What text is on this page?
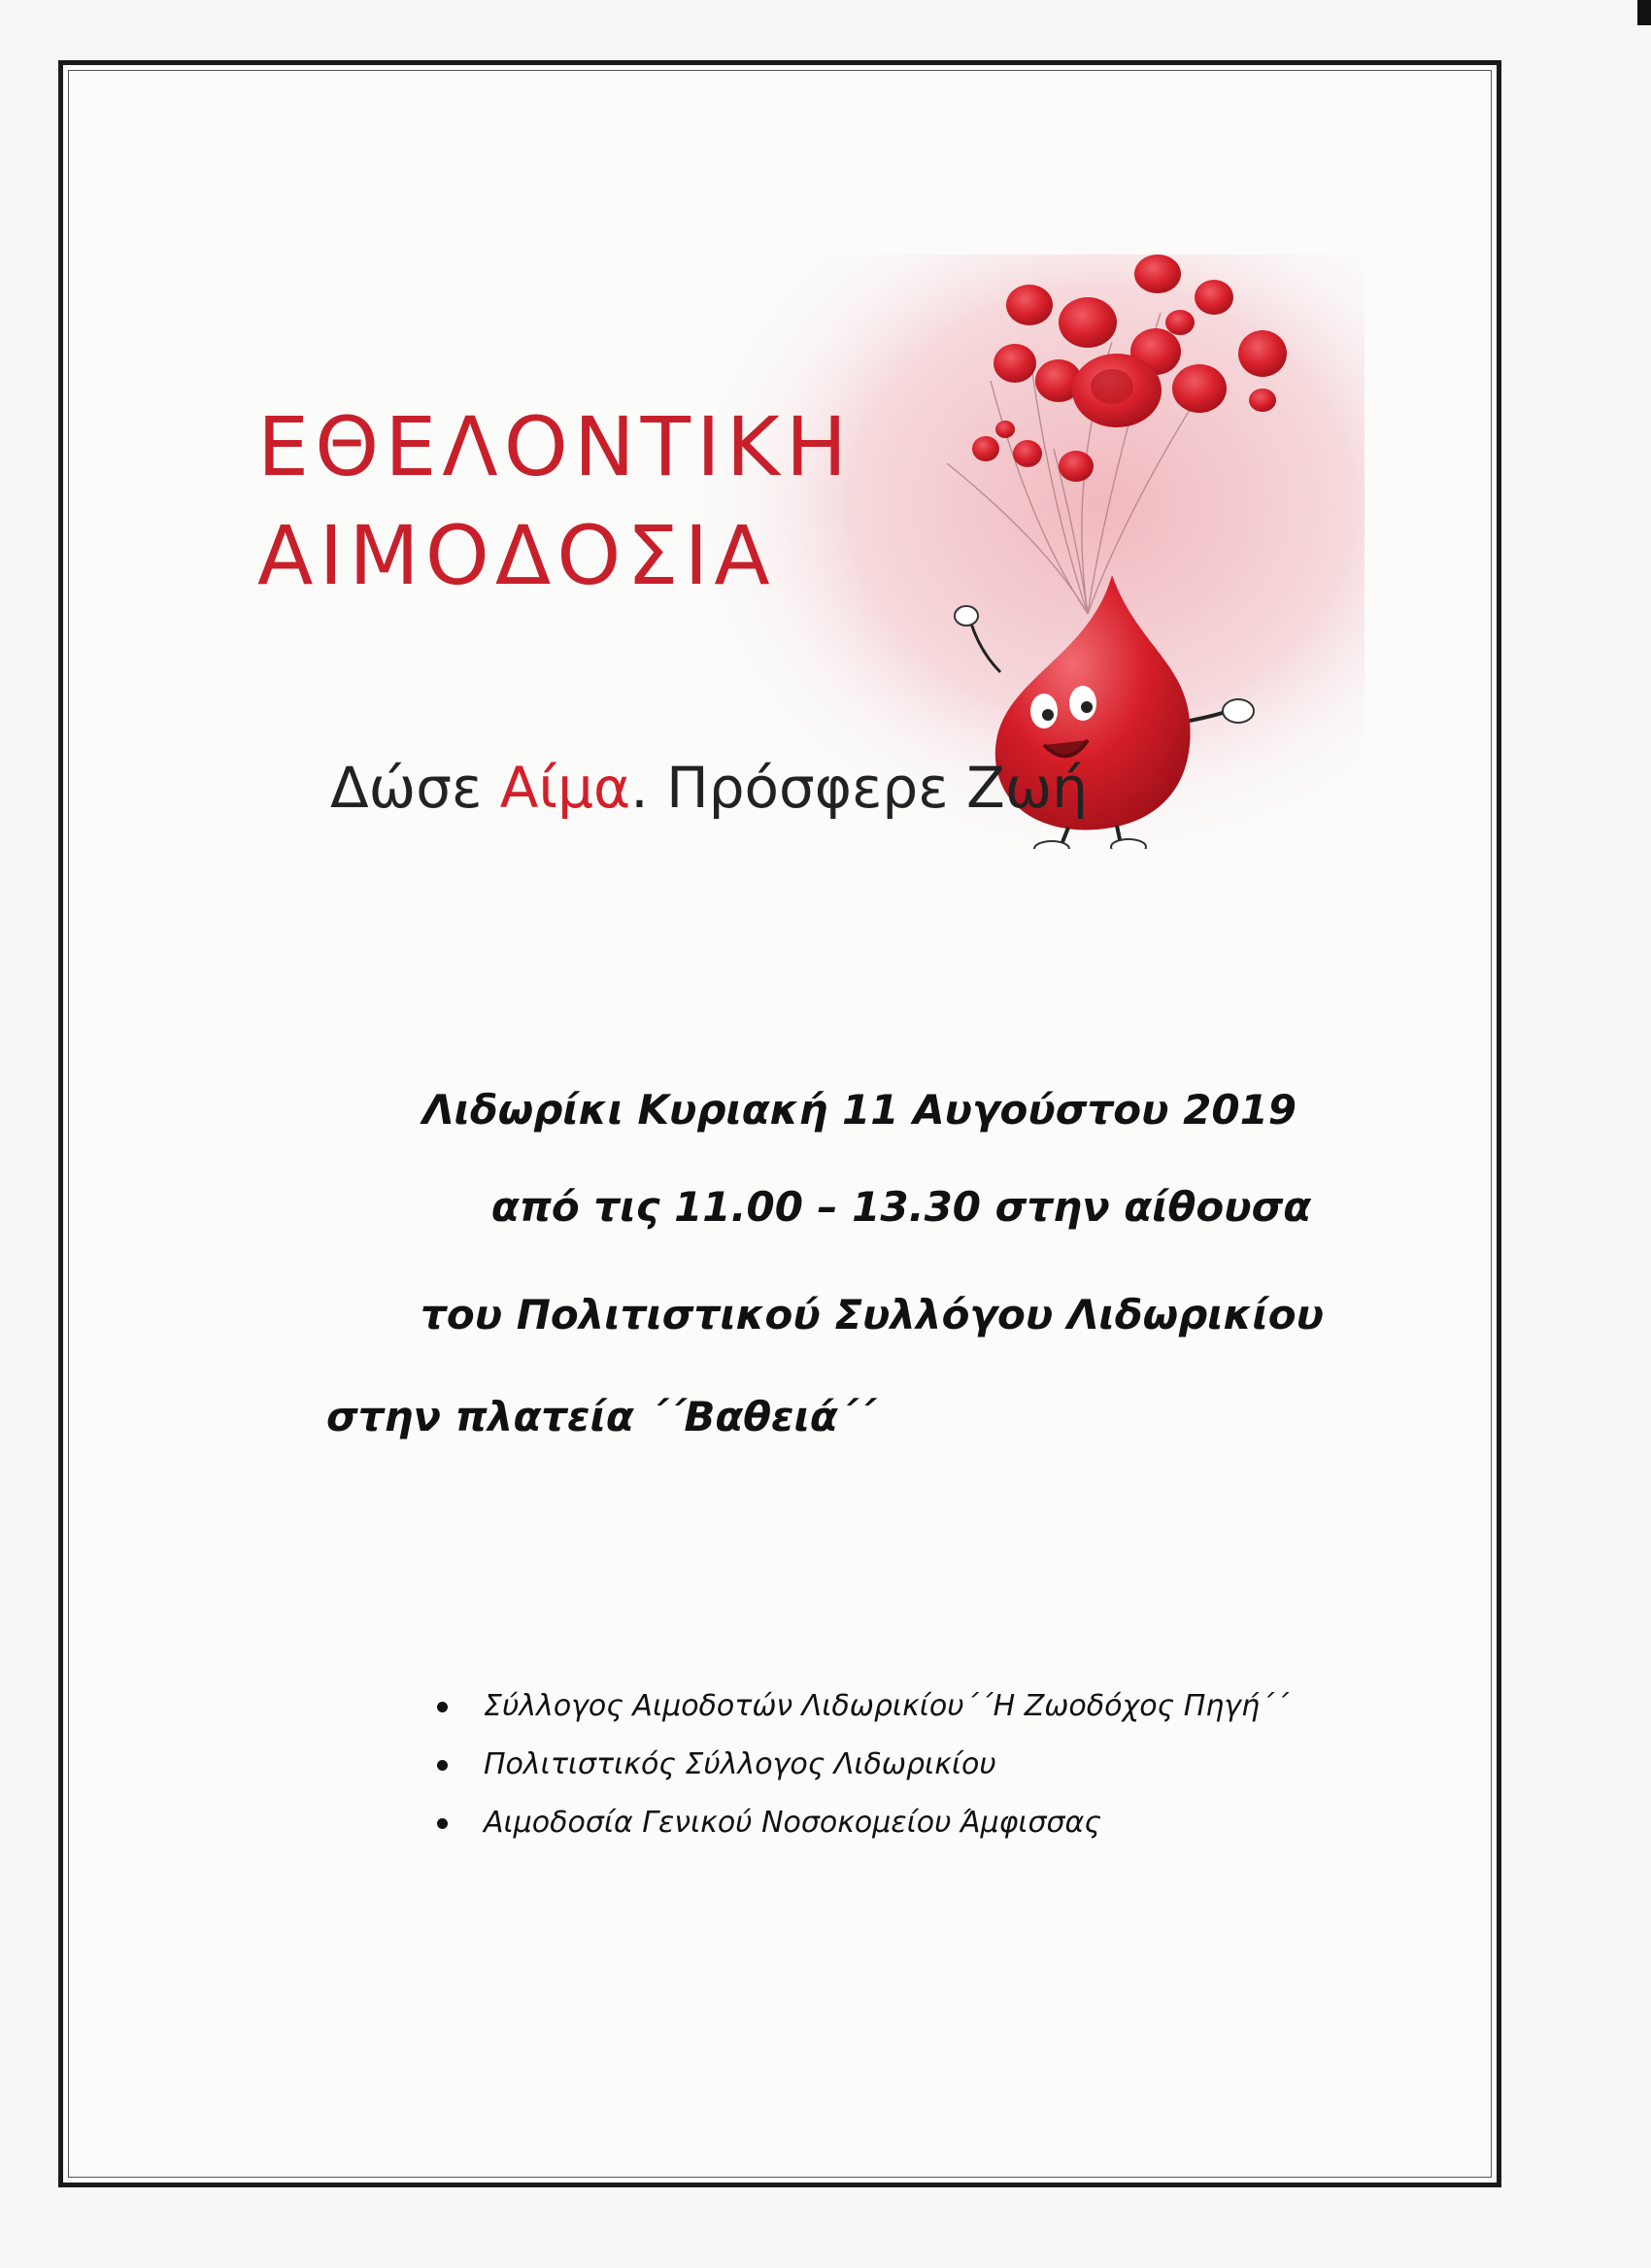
ΕΘΕΛΟΝΤΙΚΗ
ΑΙΜΟΔΟΣΙΑ
Δώσε Αίμα. Πρόσφερε Ζωή
Λιδωρίκι Κυριακή 11 Αυγούστου 2019
από τις 11.00 – 13.30 στην αίθουσα
του Πολιτιστικού Συλλόγου Λιδωρικίου
στην πλατεία ΄΄Βαθειά΄΄
Σύλλογος Αιμοδοτών Λιδωρικίου΄΄Η Ζωοδόχος Πηγή΄΄
Πολιτιστικός Σύλλογος Λιδωρικίου
Αιμοδοσία Γενικού Νοσοκομείου Άμφισσας
